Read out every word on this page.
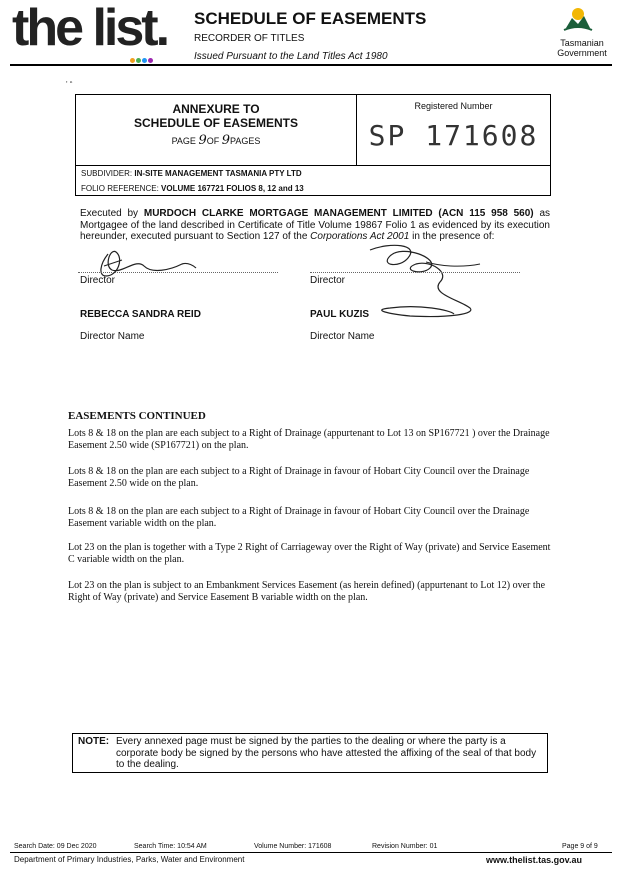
the list. SCHEDULE OF EASEMENTS
RECORDER OF TITLES
Issued Pursuant to the Land Titles Act 1980
Tasmanian
Government
' “
ANNEXURE TO
SCHEDULE OF EASEMENTS
PAGE 9OF 9PAGES
Registered Number
SP 171608
SUBDIVIDER: IN-SITE MANAGEMENT TASMANIA PTY LTD
FOLIO REFERENCE: VOLUME 167721 FOLIOS 8, 12 and 13
Executed by MURDOCH CLARKE MORTGAGE MANAGEMENT LIMITED (ACN 115 958 560) as Mortgagee of the land described in Certificate of Title Volume 19867 Folio 1 as evidenced by its execution hereunder, executed pursuant to Section 127 of the Corporations Act 2001 in the presence of:
Director	Director
REBECCA SANDRA REID	PAUL KUZIS
Director Name	Director Name
EASEMENTS CONTINUED
Lots 8 & 18 on the plan are each subject to a Right of Drainage (appurtenant to Lot 13 on SP167721 ) over the Drainage Easement 2.50 wide (SP167721) on the plan.
Lots 8 & 18 on the plan are each subject to a Right of Drainage in favour of Hobart City Council over the Drainage Easement 2.50 wide on the plan.
Lots 8 & 18 on the plan are each subject to a Right of Drainage in favour of Hobart City Council over the Drainage Easement variable width on the plan.
Lot 23 on the plan is together with a Type 2 Right of Carriageway over the Right of Way (private) and Service Easement C variable width on the plan.
Lot 23 on the plan is subject to an Embankment Services Easement (as herein defined) (appurtenant to Lot 12) over the Right of Way (private) and Service Easement B variable width on the plan.
NOTE: Every annexed page must be signed by the parties to the dealing or where the party is a corporate body be signed by the persons who have attested the affixing of the seal of that body to the dealing.
Search Date: 09 Dec 2020	Search Time: 10:54 AM	Volume Number: 171608	Revision Number: 01	Page 9 of 9
Department of Primary Industries, Parks, Water and Environment	www.thelist.tas.gov.au
